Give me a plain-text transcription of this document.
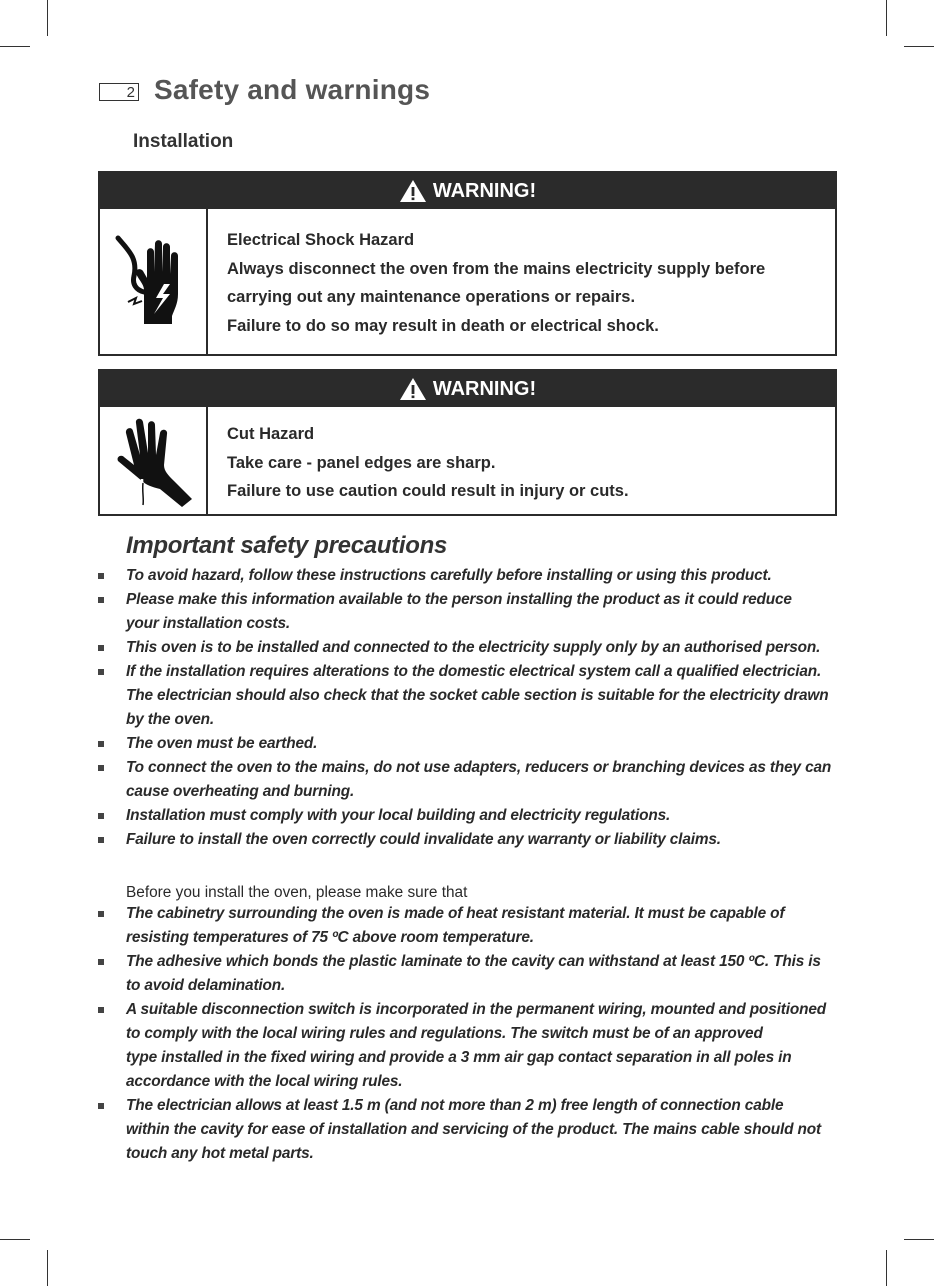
2 Safety and warnings
Installation
WARNING!
Electrical Shock Hazard
Always disconnect the oven from the mains electricity supply before
carrying out any maintenance operations or repairs.
Failure to do so may result in death or electrical shock.
WARNING!
Cut Hazard
Take care - panel edges are sharp.
Failure to use caution could result in injury or cuts.
Important safety precautions
To avoid hazard, follow these instructions carefully before installing or using this product.
Please make this information available to the person installing the product as it could reduce
your installation costs.
This oven is to be installed and connected to the electricity supply only by an authorised person.
If the installation requires alterations to the domestic electrical system call a qualified electrician.
The electrician should also check that the socket cable section is suitable for the electricity drawn
by the oven.
The oven must be earthed.
To connect the oven to the mains, do not use adapters, reducers or branching devices as they can
cause overheating and burning.
Installation must comply with your local building and electricity regulations.
Failure to install the oven correctly could invalidate any warranty or liability claims.
Before you install the oven, please make sure that
The cabinetry surrounding the oven is made of heat resistant material. It must be capable of
resisting temperatures of 75 ºC above room temperature.
The adhesive which bonds the plastic laminate to the cavity can withstand at least 150 ºC. This is
to avoid delamination.
A suitable disconnection switch is incorporated in the permanent wiring, mounted and positioned
to comply with the local wiring rules and regulations. The switch must be of an approved
type installed in the fixed wiring and provide a 3 mm air gap contact separation in all poles in
accordance with the local wiring rules.
The electrician allows at least 1.5 m (and not more than 2 m) free length of connection cable
within the cavity for ease of installation and servicing of the product. The mains cable should not
touch any hot metal parts.
